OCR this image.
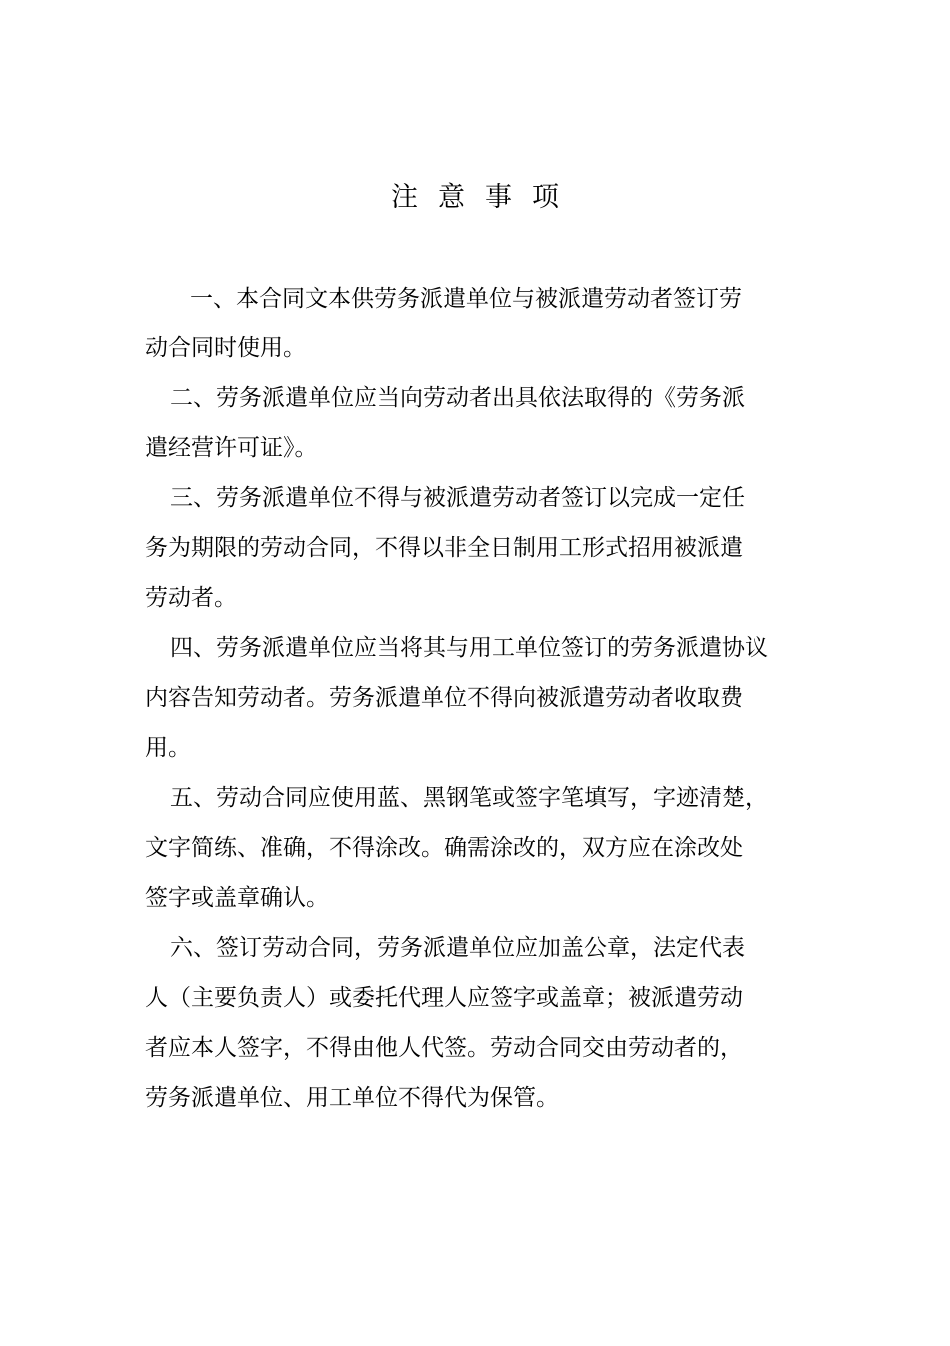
注意事项
一、本合同文本供劳务派遣单位与被派遣劳动者签订劳
动合同时使用。
二、劳务派遣单位应当向劳动者出具依法取得的《劳务派
遣经营许可证》。
三、劳务派遣单位不得与被派遣劳动者签订以完成一定任
务为期限的劳动合同，不得以非全日制用工形式招用被派遣
劳动者。
四、劳务派遣单位应当将其与用工单位签订的劳务派遣协议
内容告知劳动者。劳务派遣单位不得向被派遣劳动者收取费
用。
五、劳动合同应使用蓝、黑钢笔或签字笔填写，字迹清楚，
文字简练、准确，不得涂改。确需涂改的，双方应在涂改处
签字或盖章确认。
六、签订劳动合同，劳务派遣单位应加盖公章，法定代表
人（主要负责人）或委托代理人应签字或盖章；被派遣劳动
者应本人签字，不得由他人代签。劳动合同交由劳动者的，
劳务派遣单位、用工单位不得代为保管。
